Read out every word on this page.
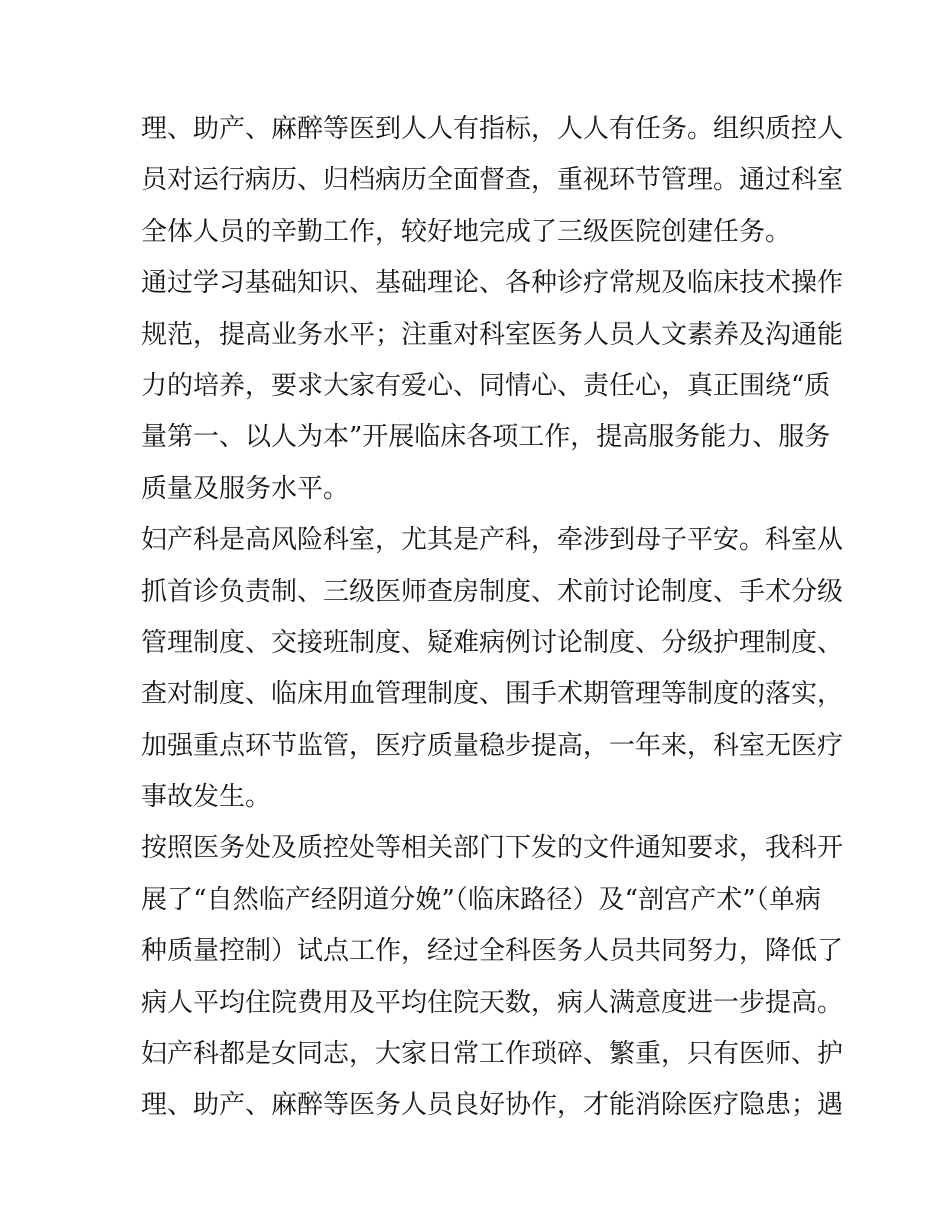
理、助产、麻醉等医到人人有指标，人人有任务。组织质控人
员对运行病历、归档病历全面督查，重视环节管理。通过科室
全体人员的辛勤工作，较好地完成了三级医院创建任务。
通过学习基础知识、基础理论、各种诊疗常规及临床技术操作
规范，提高业务水平；注重对科室医务人员人文素养及沟通能
力的培养，要求大家有爱心、同情心、责任心，真正围绕“质
量第一、以人为本”开展临床各项工作，提高服务能力、服务
质量及服务水平。
妇产科是高风险科室，尤其是产科，牵涉到母子平安。科室从
抓首诊负责制、三级医师查房制度、术前讨论制度、手术分级
管理制度、交接班制度、疑难病例讨论制度、分级护理制度、
查对制度、临床用血管理制度、围手术期管理等制度的落实，
加强重点环节监管，医疗质量稳步提高，一年来，科室无医疗
事故发生。
按照医务处及质控处等相关部门下发的文件通知要求，我科开
展了“自然临产经阴道分娩”（临床路径）及“剖宫产术”（单病
种质量控制）试点工作，经过全科医务人员共同努力，降低了
病人平均住院费用及平均住院天数，病人满意度进一步提高。
妇产科都是女同志，大家日常工作琐碎、繁重，只有医师、护
理、助产、麻醉等医务人员良好协作，才能消除医疗隐患；遇
